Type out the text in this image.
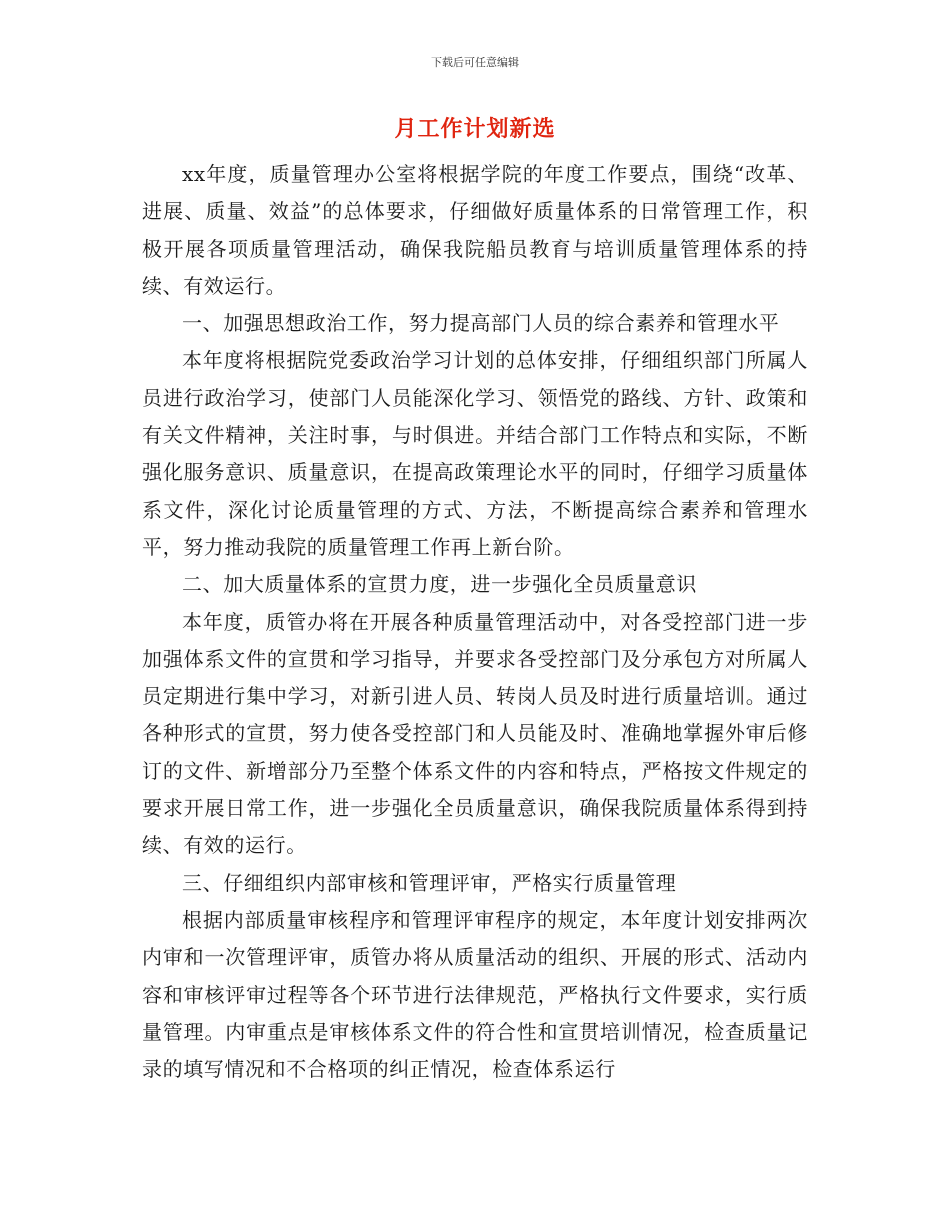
下载后可任意编辑
月工作计划新选

xx年度，质量管理办公室将根据学院的年度工作要点，围绕“改革、进展、质量、效益”的总体要求，仔细做好质量体系的日常管理工作，积极开展各项质量管理活动，确保我院船员教育与培训质量管理体系的持续、有效运行。

一、加强思想政治工作，努力提高部门人员的综合素养和管理水平

本年度将根据院党委政治学习计划的总体安排，仔细组织部门所属人员进行政治学习，使部门人员能深化学习、领悟党的路线、方针、政策和有关文件精神，关注时事，与时俱进。并结合部门工作特点和实际，不断强化服务意识、质量意识，在提高政策理论水平的同时，仔细学习质量体系文件，深化讨论质量管理的方式、方法，不断提高综合素养和管理水平，努力推动我院的质量管理工作再上新台阶。

二、加大质量体系的宣贯力度，进一步强化全员质量意识

本年度，质管办将在开展各种质量管理活动中，对各受控部门进一步加强体系文件的宣贯和学习指导，并要求各受控部门及分承包方对所属人员定期进行集中学习，对新引进人员、转岗人员及时进行质量培训。通过各种形式的宣贯，努力使各受控部门和人员能及时、准确地掌握外审后修订的文件、新增部分乃至整个体系文件的内容和特点，严格按文件规定的要求开展日常工作，进一步强化全员质量意识，确保我院质量体系得到持续、有效的运行。

三、仔细组织内部审核和管理评审，严格实行质量管理

根据内部质量审核程序和管理评审程序的规定，本年度计划安排两次内审和一次管理评审，质管办将从质量活动的组织、开展的形式、活动内容和审核评审过程等各个环节进行法律规范，严格执行文件要求，实行质量管理。内审重点是审核体系文件的符合性和宣贯培训情况，检查质量记录的填写情况和不合格项的纠正情况，检查体系运行
